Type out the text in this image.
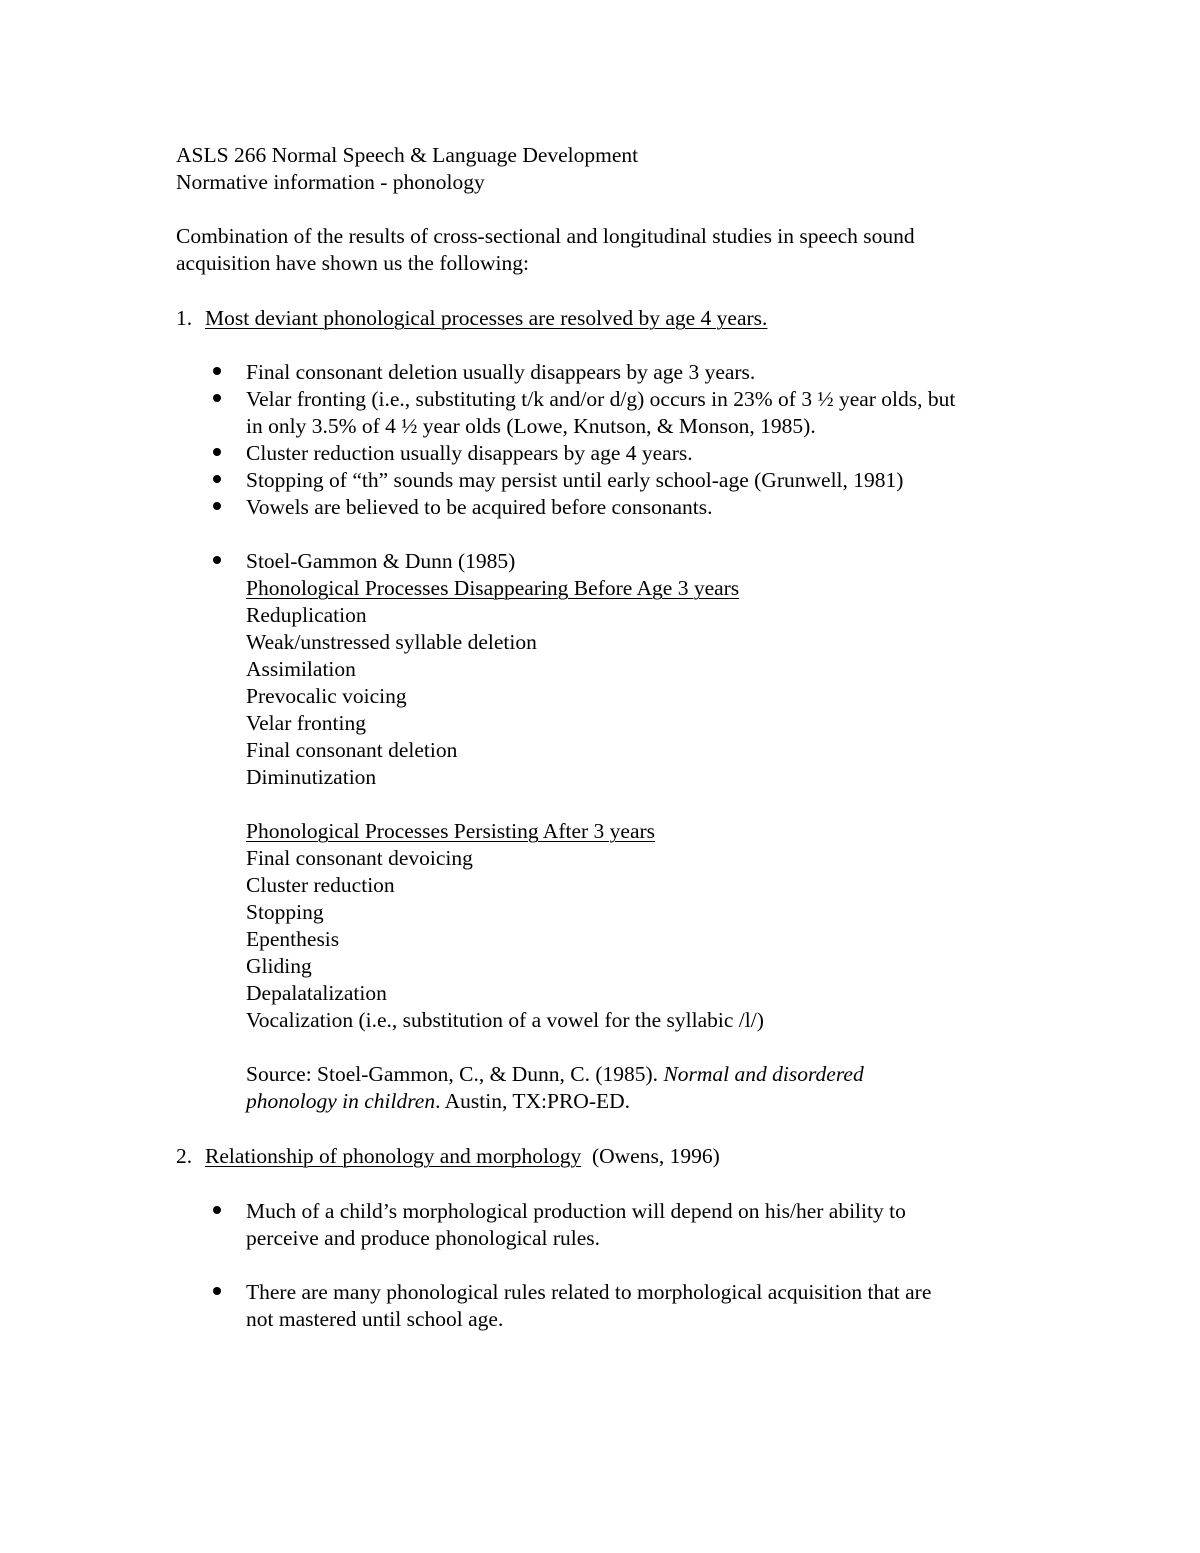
ASLS 266 Normal Speech & Language Development
Normative information - phonology
Combination of the results of cross-sectional and longitudinal studies in speech sound
acquisition have shown us the following:
1. Most deviant phonological processes are resolved by age 4 years.
Final consonant deletion usually disappears by age 3 years.
Velar fronting (i.e., substituting t/k and/or d/g) occurs in 23% of 3 ½ year olds, but
in only 3.5% of 4 ½ year olds (Lowe, Knutson, & Monson, 1985).
Cluster reduction usually disappears by age 4 years.
Stopping of “th” sounds may persist until early school-age (Grunwell, 1981)
Vowels are believed to be acquired before consonants.
Stoel-Gammon & Dunn (1985)
Phonological Processes Disappearing Before Age 3 years
Reduplication
Weak/unstressed syllable deletion
Assimilation
Prevocalic voicing
Velar fronting
Final consonant deletion
Diminutization
Phonological Processes Persisting After 3 years
Final consonant devoicing
Cluster reduction
Stopping
Epenthesis
Gliding
Depalatalization
Vocalization (i.e., substitution of a vowel for the syllabic /l/)
Source: Stoel-Gammon, C., & Dunn, C. (1985). Normal and disordered
phonology in children. Austin, TX:PRO-ED.
2. Relationship of phonology and morphology  (Owens, 1996)
Much of a child’s morphological production will depend on his/her ability to
perceive and produce phonological rules.
There are many phonological rules related to morphological acquisition that are
not mastered until school age.
